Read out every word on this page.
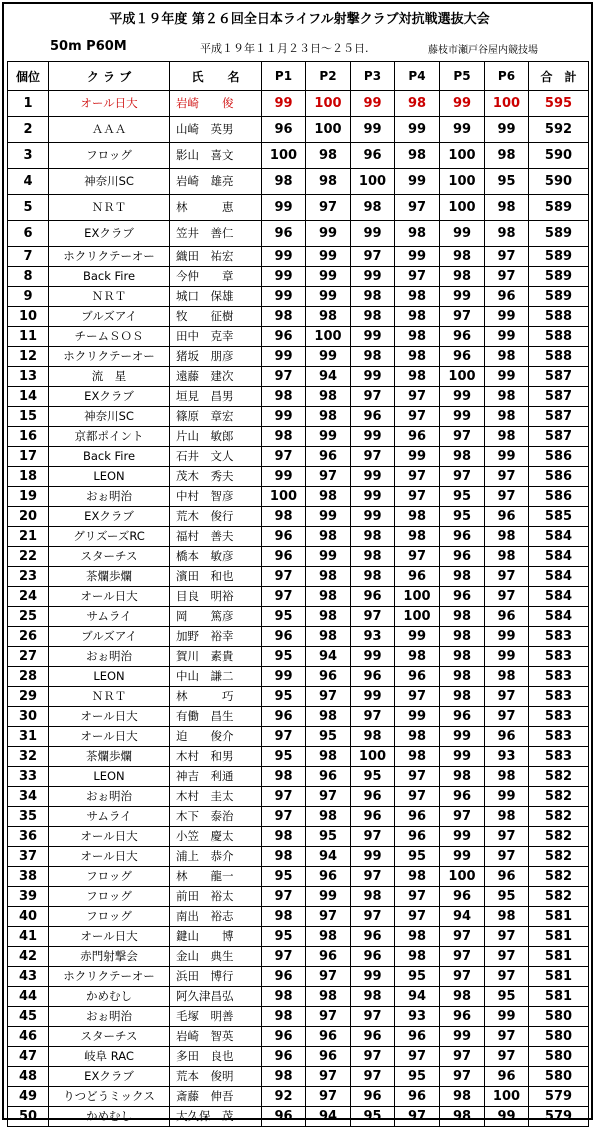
平成１９年度 第２６回全日本ライフル射撃クラブ対抗戦選抜大会
50m P60M	平成１９年１１月２３日～２５日.	藤枝市瀬戸谷屋内競技場
個位	ク ラ ブ	氏　　名	P1	P2	P3	P4	P5	P6	合　計
1	オール日大	岩崎　　俊	99	100	99	98	99	100	595
2	ＡＡＡ	山崎　英男	96	100	99	99	99	99	592
3	フロッグ	影山　喜文	100	98	96	98	100	98	590
4	神奈川SC	岩崎　雄亮	98	98	100	99	100	95	590
5	ＮＲＴ	林　　　恵	99	97	98	97	100	98	589
6	EXクラブ	笠井　善仁	96	99	99	98	99	98	589
7	ホクリクテーオー	織田　祐宏	99	99	97	99	98	97	589
8	Back Fire	今仲　　章	99	99	99	97	98	97	589
9	ＮＲＴ	城口　保雄	99	99	98	98	99	96	589
10	ブルズアイ	牧　　征樹	98	98	98	98	97	99	588
11	チームＳＯＳ	田中　克幸	96	100	99	98	96	99	588
12	ホクリクテーオー	猪坂　朋彦	99	99	98	98	96	98	588
13	流　星	遠藤　建次	97	94	99	98	100	99	587
14	EXクラブ	垣見　昌男	98	98	97	97	99	98	587
15	神奈川SC	篠原　章宏	99	98	96	97	99	98	587
16	京都ポイント	片山　敏郎	98	99	99	96	97	98	587
17	Back Fire	石井　文人	97	96	97	99	98	99	586
18	LEON	茂木　秀夫	99	97	99	97	97	97	586
19	おぉ明治	中村　智彦	100	98	99	97	95	97	586
20	EXクラブ	荒木　俊行	98	99	99	98	95	96	585
21	グリズーズRC	福村　善夫	96	98	98	98	96	98	584
22	スターチス	橋本　敏彦	96	99	98	97	96	98	584
23	茶爛歩爛	濱田　和也	97	98	98	96	98	97	584
24	オール日大	目良　明裕	97	98	96	100	96	97	584
25	サムライ	岡　　篤彦	95	98	97	100	98	96	584
26	ブルズアイ	加野　裕幸	96	98	93	99	98	99	583
27	おぉ明治	賀川　素貴	95	94	99	98	98	99	583
28	LEON	中山　謙二	99	96	96	96	98	98	583
29	ＮＲＴ	林　　　巧	95	97	99	97	98	97	583
30	オール日大	有働　昌生	96	98	97	99	96	97	583
31	オール日大	迫　　俊介	97	95	98	98	99	96	583
32	茶爛歩爛	木村　和男	95	98	100	98	99	93	583
33	LEON	神吉　利通	98	96	95	97	98	98	582
34	おぉ明治	木村　圭太	97	97	96	97	96	99	582
35	サムライ	木下　泰治	97	98	96	96	97	98	582
36	オール日大	小笠　慶太	98	95	97	96	99	97	582
37	オール日大	浦上　恭介	98	94	99	95	99	97	582
38	フロッグ	林　　龍一	95	96	97	98	100	96	582
39	フロッグ	前田　裕太	97	99	98	97	96	95	582
40	フロッグ	南出　裕志	98	97	97	97	94	98	581
41	オール日大	鍵山　　博	95	98	96	98	97	97	581
42	赤門射撃会	金山　典生	97	96	96	98	97	97	581
43	ホクリクテーオー	浜田　博行	96	97	99	95	97	97	581
44	かめむし	阿久津昌弘	98	98	98	94	98	95	581
45	おぉ明治	毛塚　明善	98	97	97	93	96	99	580
46	スターチス	岩崎　智英	96	96	96	96	99	97	580
47	岐阜 RAC	多田　良也	96	96	97	97	97	97	580
48	EXクラブ	荒本　俊明	98	97	97	95	97	96	580
49	りつどうミックス	斎藤　伸吾	92	97	96	96	98	100	579
50	かめむし	大久保　茂	96	94	95	97	98	99	579
